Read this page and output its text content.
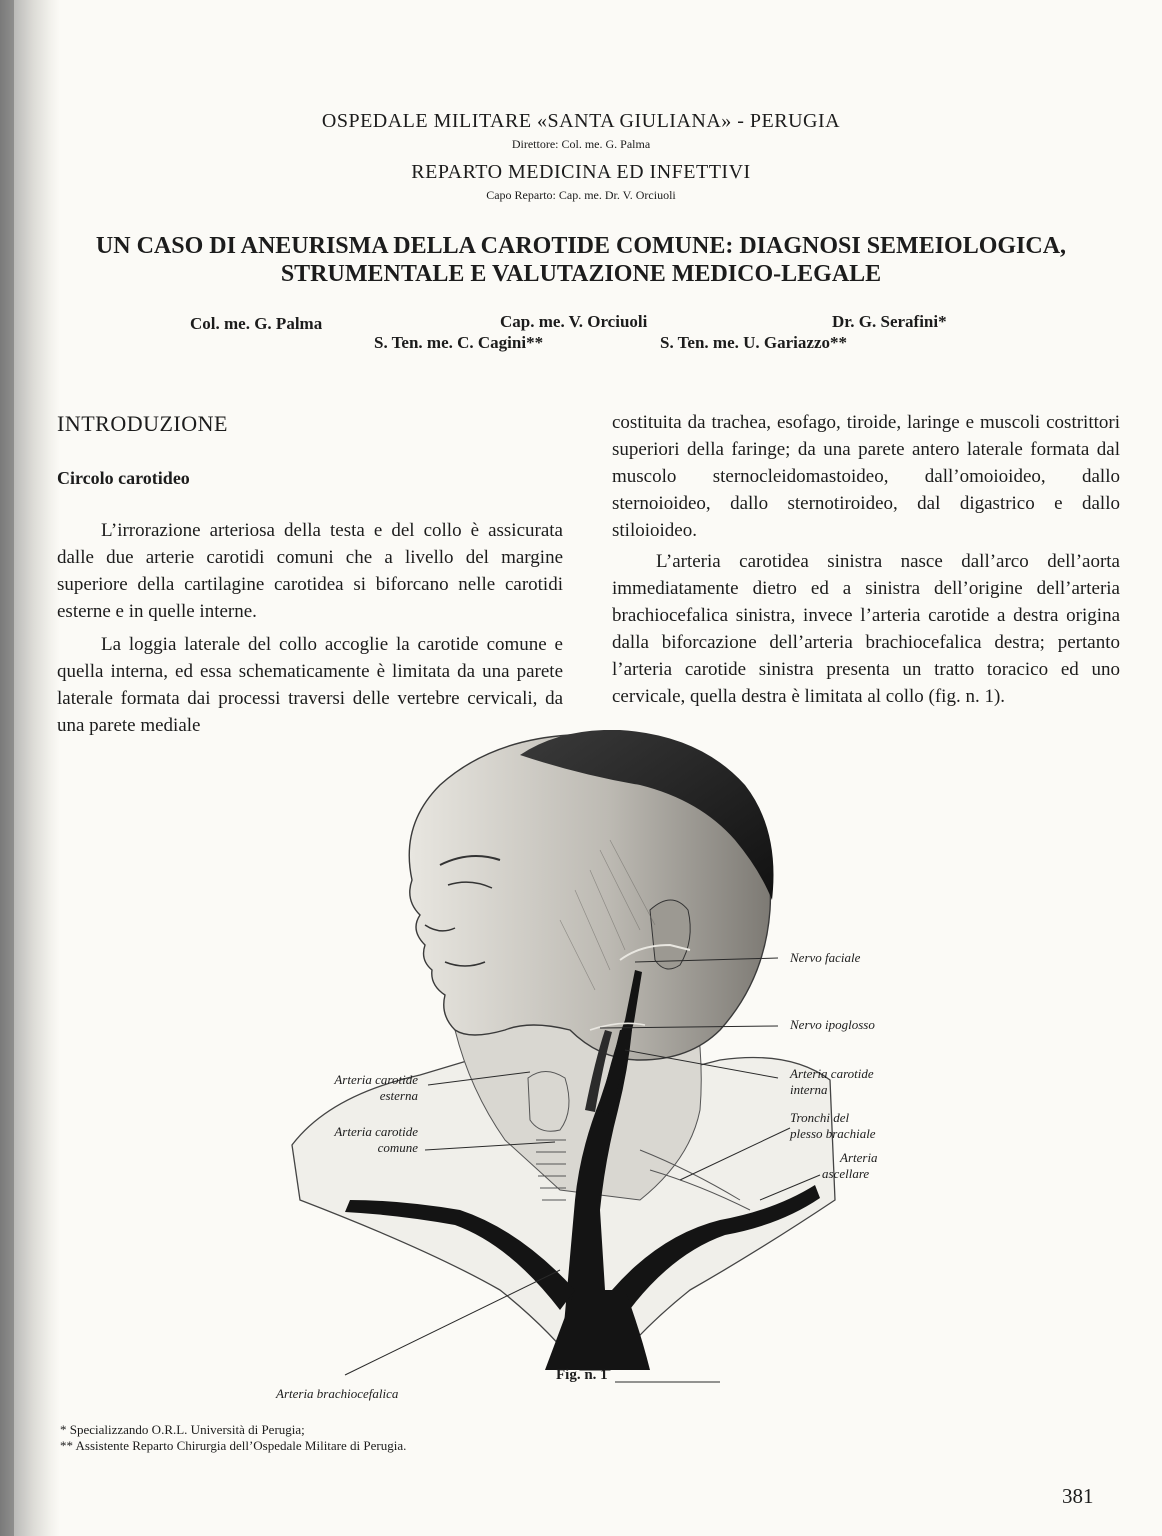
OSPEDALE MILITARE «SANTA GIULIANA» - PERUGIA
Direttore: Col. me. G. Palma
REPARTO MEDICINA ED INFETTIVI
Capo Reparto: Cap. me. Dr. V. Orciuoli
UN CASO DI ANEURISMA DELLA CAROTIDE COMUNE: DIAGNOSI SEMEIOLOGICA,
STRUMENTALE E VALUTAZIONE MEDICO-LEGALE
Col. me. G. Palma	Cap. me. V. Orciuoli	Dr. G. Serafini*
S. Ten. me. C. Cagini**	S. Ten. me. U. Gariazzo**
INTRODUZIONE
Circolo carotideo

L’irrorazione arteriosa della testa e del collo è assicurata dalle due arterie carotidi comuni che a livello del margine superiore della cartilagine carotidea si biforcano nelle carotidi esterne e in quelle interne.

La loggia laterale del collo accoglie la carotide comune e quella interna, ed essa schematicamente è limitata da una parete laterale formata dai processi traversi delle vertebre cervicali, da una parete mediale

costituita da trachea, esofago, tiroide, laringe e muscoli costrittori superiori della faringe; da una parete antero laterale formata dal muscolo sternocleidomastoideo, dall’omoioideo, dallo sternoioideo, dallo sternotiroideo, dal digastrico e dallo stiloioideo.

L’arteria carotidea sinistra nasce dall’arco dell’aorta immediatamente dietro ed a sinistra dell’origine dell’arteria brachiocefalica sinistra, invece l’arteria carotide a destra origina dalla biforcazione dell’arteria brachiocefalica destra; pertanto l’arteria carotide sinistra presenta un tratto toracico ed uno cervicale, quella destra è limitata al collo (fig. n. 1).

Nervo faciale
Nervo ipoglosso
Arteria carotide
interna
Tronchi del
plesso brachiale
Arteria
ascellare
Arteria carotide
esterna
Arteria carotide
comune
Arteria brachiocefalica
Fig. n. 1
* Specializzando O.R.L. Università di Perugia;
** Assistente Reparto Chirurgia dell’Ospedale Militare di Perugia.
381
